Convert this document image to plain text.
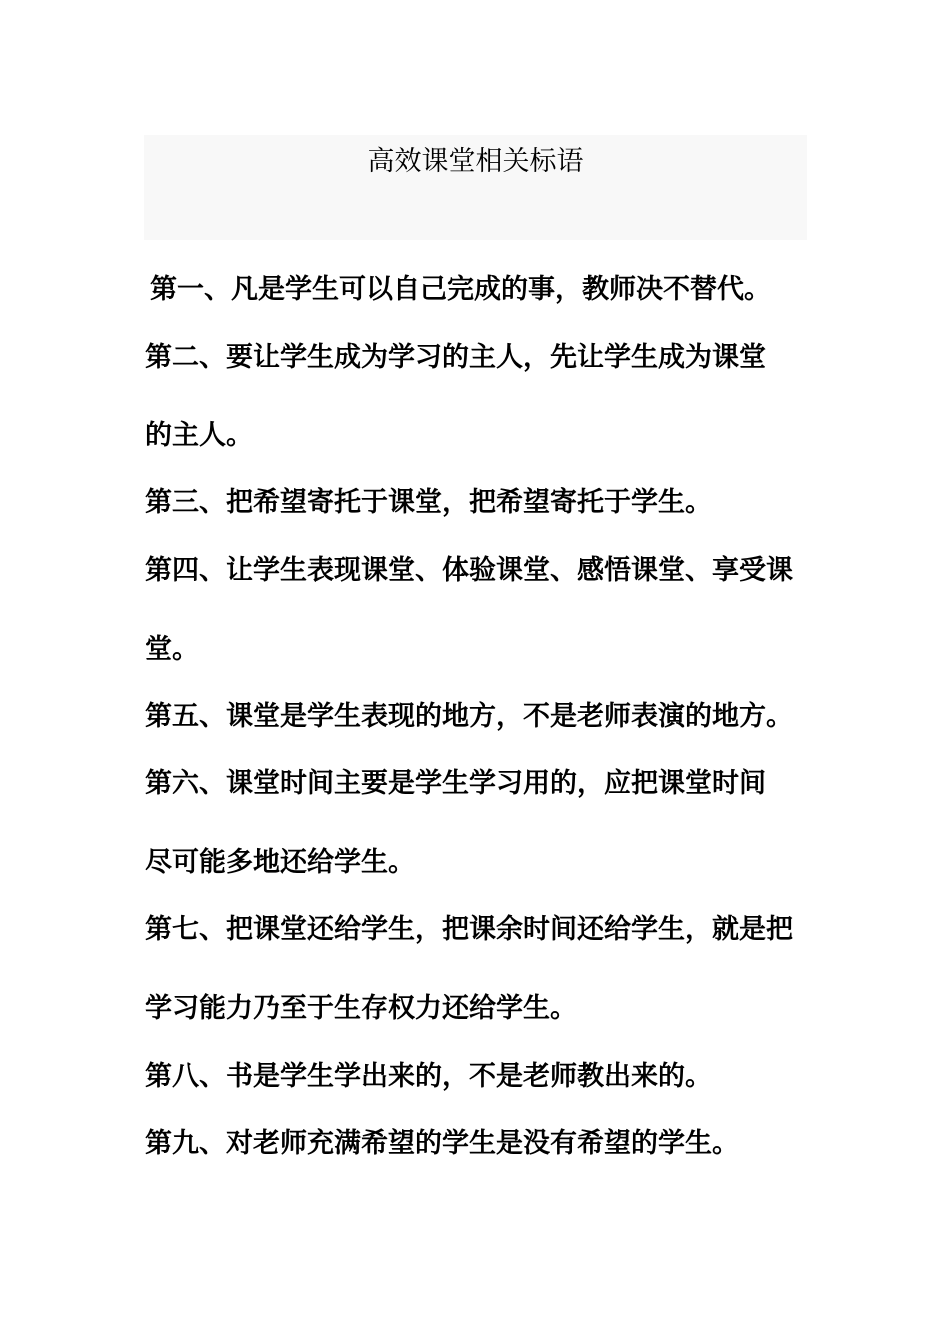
高效课堂相关标语

第一、凡是学生可以自己完成的事，教师决不替代。

第二、要让学生成为学习的主人，先让学生成为课堂

的主人。

第三、把希望寄托于课堂，把希望寄托于学生。

第四、让学生表现课堂、体验课堂、感悟课堂、享受课

堂。

第五、课堂是学生表现的地方，不是老师表演的地方。

第六、课堂时间主要是学生学习用的，应把课堂时间

尽可能多地还给学生。

第七、把课堂还给学生，把课余时间还给学生，就是把

学习能力乃至于生存权力还给学生。

第八、书是学生学出来的，不是老师教出来的。

第九、对老师充满希望的学生是没有希望的学生。
